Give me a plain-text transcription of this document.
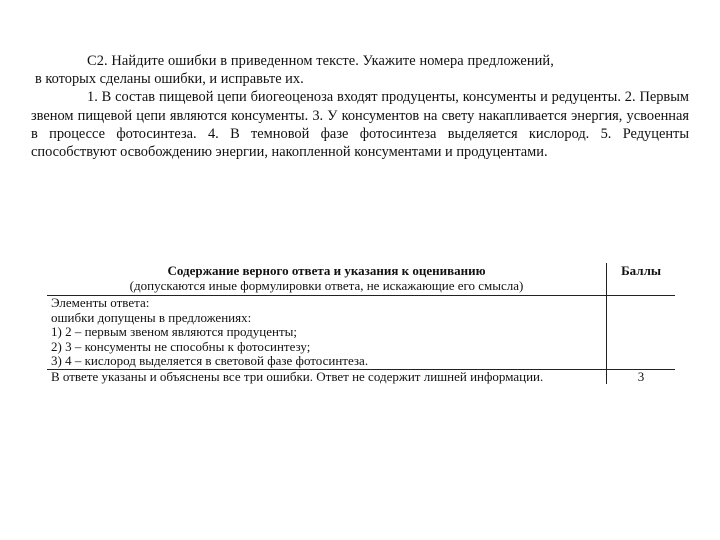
С2. Найдите ошибки в приведенном тексте. Укажите номера предложений,

в которых сделаны ошибки, и исправьте их.

1. В состав пищевой цепи биогеоценоза входят продуценты, консументы и редуценты. 2. Первым звеном пищевой цепи являются консументы. 3. У консументов на свету накапливается энергия, усвоенная в процессе фотосинтеза. 4. В темновой фазе фотосинтеза выделяется кислород. 5. Редуценты способствуют освобождению энергии, накопленной консументами и продуцентами.

Содержание верного ответа и указания к оцениванию
(допускаются иные формулировки ответа, не искажающие его смысла)	Баллы

Элементы ответа:
ошибки допущены в предложениях:
1) 2 – первым звеном являются продуценты;
2) 3 – консументы не способны к фотосинтезу;
3) 4 – кислород выделяется в световой фазе фотосинтеза.	

В ответе указаны и объяснены все три ошибки. Ответ не содержит лишней информации.	3
